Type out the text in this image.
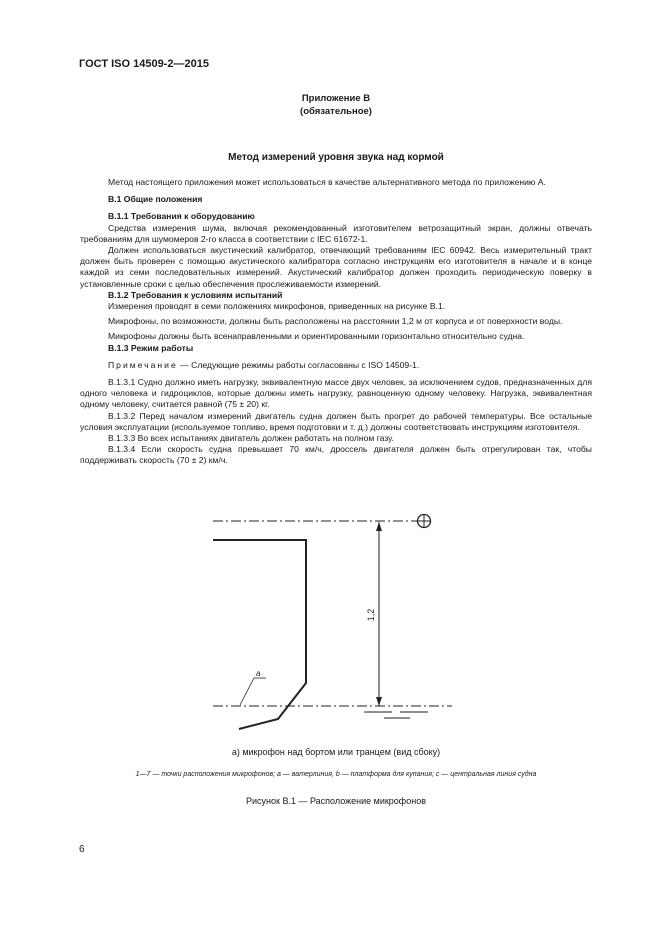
ГОСТ ISO 14509-2—2015
Приложение В
(обязательное)
Метод измерений уровня звука над кормой

Метод настоящего приложения может использоваться в качестве альтернативного метода по приложению А.

В.1 Общие положения

В.1.1 Требования к оборудованию

Средства измерения шума, включая рекомендованный изготовителем ветрозащитный экран, должны отвечать требованиям для шумомеров 2-го класса в соответствии с IEC 61672-1.

Должен использоваться акустический калибратор, отвечающий требованиям IEC 60942. Весь измерительный тракт должен быть проверен с помощью акустического калибратора согласно инструкциям его изготовителя в начале и в конце каждой из семи последовательных измерений. Акустический калибратор должен проходить периодическую поверку в установленные сроки с целью обеспечения прослеживаемости измерений.

В.1.2 Требования к условиям испытаний

Измерения проводят в семи положениях микрофонов, приведенных на рисунке В.1.

Микрофоны, по возможности, должны быть расположены на расстоянии 1,2 м от корпуса и от поверхности воды.

Микрофоны должны быть всенаправленными и ориентированными горизонтально относительно судна.

В.1.3 Режим работы

Примечание — Следующие режимы работы согласованы с ISO 14509-1.

В.1.3.1 Судно должно иметь нагрузку, эквивалентную массе двух человек, за исключением судов, предназначенных для одного человека и гидроциклов, которые должны иметь нагрузку, равноценную одному человеку. Нагрузка, эквивалентная одному человеку, считается равной (75 ± 20) кг.

В.1.3.2 Перед началом измерений двигатель судна должен быть прогрет до рабочей температуры. Все остальные условия эксплуатации (используемое топливо, время подготовки и т. д.) должны соответствовать инструкциям изготовителя.

В.1.3.3 Во всех испытаниях двигатель должен работать на полном газу.

В.1.3.4 Если скорость судна превышает 70 км/ч, дроссель двигателя должен быть отрегулирован так, чтобы поддерживать скорость (70 ± 2) км/ч.

1,2
a
а) микрофон над бортом или транцем (вид сбоку)
1—7 — точки расположения микрофонов; a — ватерлиния, b — платформа для купания; c — центральная линия судна
Рисунок В.1 — Расположение микрофонов
6
